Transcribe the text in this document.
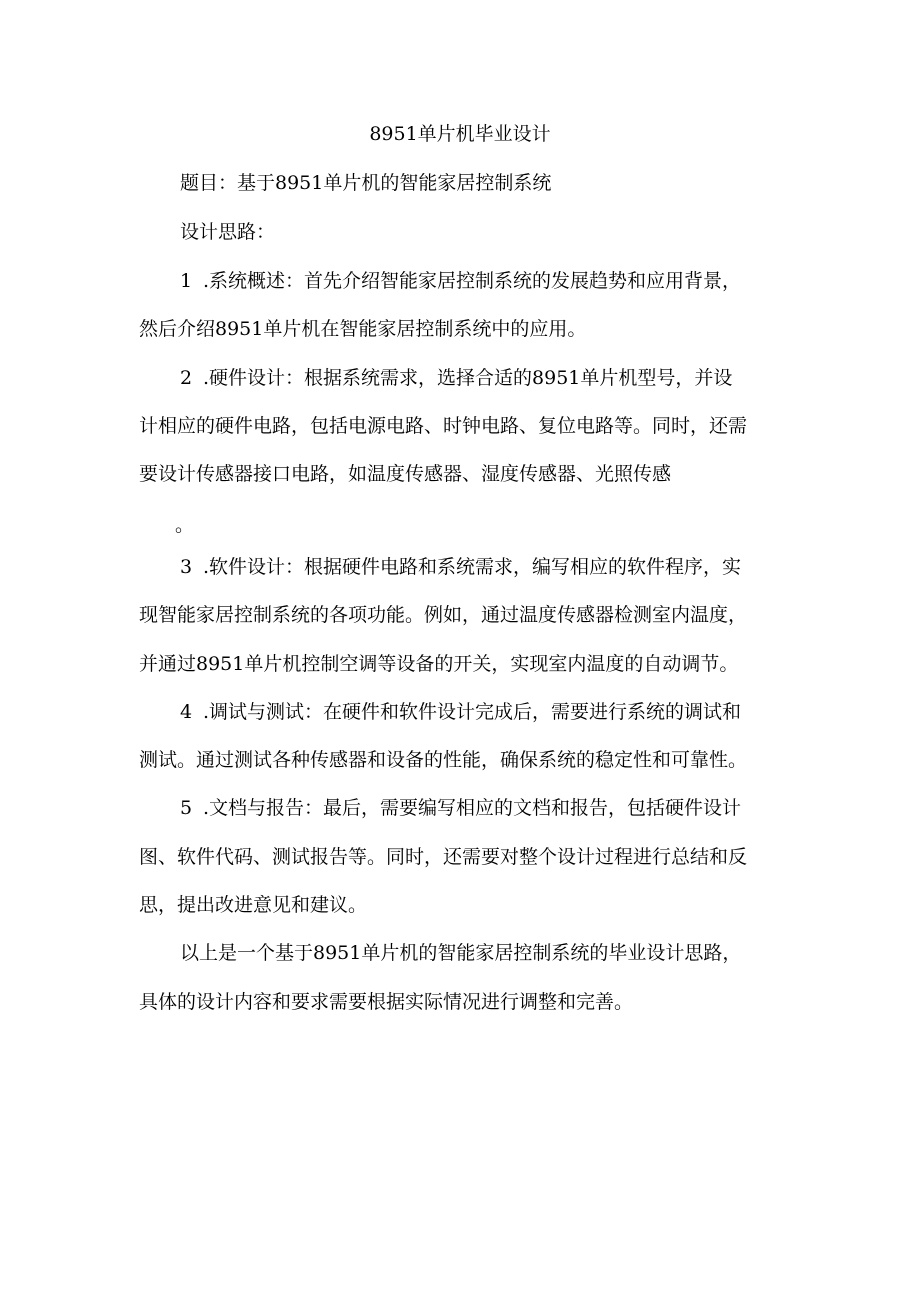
8951单片机毕业设计
题目：基于8951单片机的智能家居控制系统
设计思路：
1 .系统概述：首先介绍智能家居控制系统的发展趋势和应用背景，
然后介绍8951单片机在智能家居控制系统中的应用。
2 .硬件设计：根据系统需求，选择合适的8951单片机型号，并设
计相应的硬件电路，包括电源电路、时钟电路、复位电路等。同时，还需
要设计传感器接口电路，如温度传感器、湿度传感器、光照传感
。
3 .软件设计：根据硬件电路和系统需求，编写相应的软件程序，实
现智能家居控制系统的各项功能。例如，通过温度传感器检测室内温度，
并通过8951单片机控制空调等设备的开关，实现室内温度的自动调节。
4 .调试与测试：在硬件和软件设计完成后，需要进行系统的调试和
测试。通过测试各种传感器和设备的性能，确保系统的稳定性和可靠性。
5 .文档与报告：最后，需要编写相应的文档和报告，包括硬件设计
图、软件代码、测试报告等。同时，还需要对整个设计过程进行总结和反
思，提出改进意见和建议。
以上是一个基于8951单片机的智能家居控制系统的毕业设计思路，
具体的设计内容和要求需要根据实际情况进行调整和完善。
